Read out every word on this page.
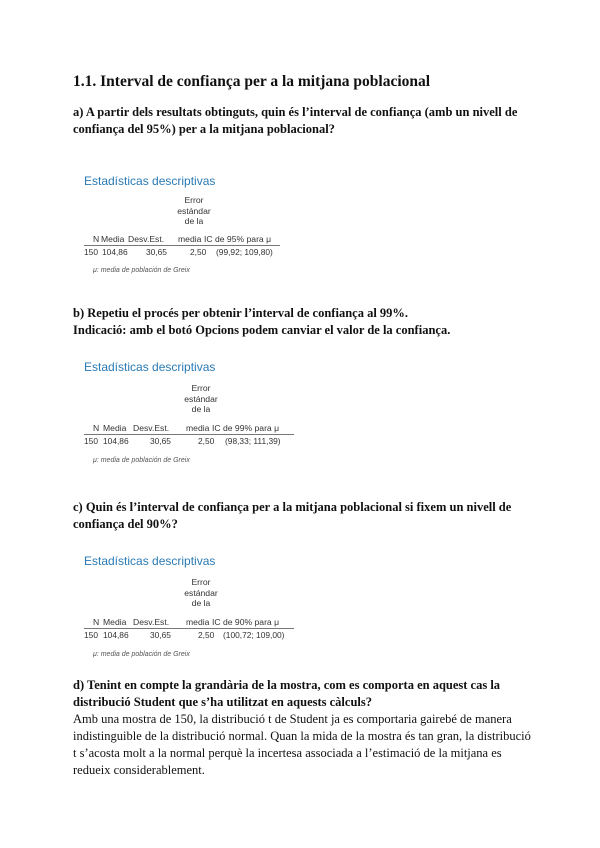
1.1. Interval de confiança per a la mitjana poblacional
a) A partir dels resultats obtinguts, quin és l’interval de confiança (amb un nivell de
confiança del 95%) per a la mitjana poblacional?
Estadísticas descriptivas
Error
estándar
de la
N Media Desv.Est. media IC de 95% para μ
150 104,86 30,65	2,50 (99,92; 109,80)
μ: media de población de Greix
b) Repetiu el procés per obtenir l’interval de confiança al 99%.
Indicació: amb el botó Opcions podem canviar el valor de la confiança.
Estadísticas descriptivas
Error
estándar
de la
N Media Desv.Est. media IC de 99% para μ
150 104,86	30,65	2,50 (98,33; 111,39)
μ: media de población de Greix
c) Quin és l’interval de confiança per a la mitjana poblacional si fixem un nivell de
confiança del 90%?
Estadísticas descriptivas
Error
estándar
de la
N Media Desv.Est. media IC de 90% para μ
150 104,86	30,65	2,50 (100,72; 109,00)
μ: media de población de Greix
d) Tenint en compte la grandària de la mostra, com es comporta en aquest cas la
distribució Student que s’ha utilitzat en aquests càlculs?
Amb una mostra de 150, la distribució t de Student ja es comportaria gairebé de manera indistinguible de la distribució normal. Quan la mida de la mostra és tan gran, la distribució t s’acosta molt a la normal perquè la incertesa associada a l’estimació de la mitjana es redueix considerablement.
